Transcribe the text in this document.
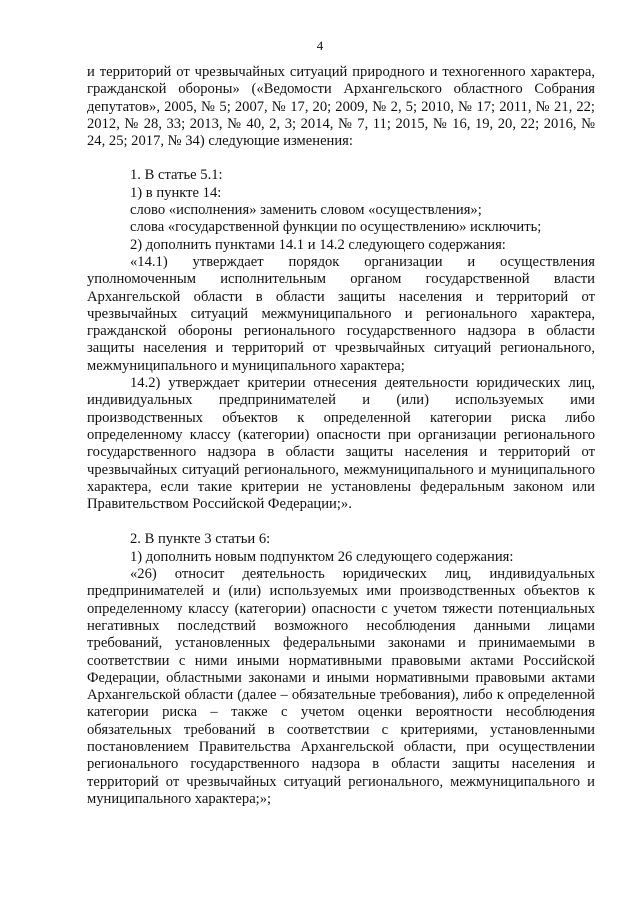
4

и территорий от чрезвычайных ситуаций природного и техногенного характера, гражданской обороны» («Ведомости Архангельского областного Собрания депутатов», 2005, № 5; 2007, № 17, 20; 2009, № 2, 5; 2010, № 17; 2011, № 21, 22; 2012, № 28, 33; 2013, № 40, 2, 3; 2014, № 7, 11; 2015, № 16, 19, 20, 22; 2016, № 24, 25; 2017, № 34) следующие изменения:

1. В статье 5.1:

1) в пункте 14:

слово «исполнения» заменить словом «осуществления»;

слова «государственной функции по осуществлению» исключить;

2) дополнить пунктами 14.1 и 14.2 следующего содержания:

«14.1) утверждает порядок организации и осуществления уполномоченным исполнительным органом государственной власти Архангельской области в области защиты населения и территорий от чрезвычайных ситуаций межмуниципального и регионального характера, гражданской обороны регионального государственного надзора в области защиты населения и территорий от чрезвычайных ситуаций регионального, межмуниципального и муниципального характера;

14.2) утверждает критерии отнесения деятельности юридических лиц, индивидуальных предпринимателей и (или) используемых ими производственных объектов к определенной категории риска либо определенному классу (категории) опасности при организации регионального государственного надзора в области защиты населения и территорий от чрезвычайных ситуаций регионального, межмуниципального и муниципального характера, если такие критерии не установлены федеральным законом или Правительством Российской Федерации;».

2. В пункте 3 статьи 6:

1) дополнить новым подпунктом 26 следующего содержания:

«26) относит деятельность юридических лиц, индивидуальных предпринимателей и (или) используемых ими производственных объектов к определенному классу (категории) опасности с учетом тяжести потенциальных негативных последствий возможного несоблюдения данными лицами требований, установленных федеральными законами и принимаемыми в соответствии с ними иными нормативными правовыми актами Российской Федерации, областными законами и иными нормативными правовыми актами Архангельской области (далее – обязательные требования), либо к определенной категории риска – также с учетом оценки вероятности несоблюдения обязательных требований в соответствии с критериями, установленными постановлением Правительства Архангельской области, при осуществлении регионального государственного надзора в области защиты населения и территорий от чрезвычайных ситуаций регионального, межмуниципального и муниципального характера;»;
